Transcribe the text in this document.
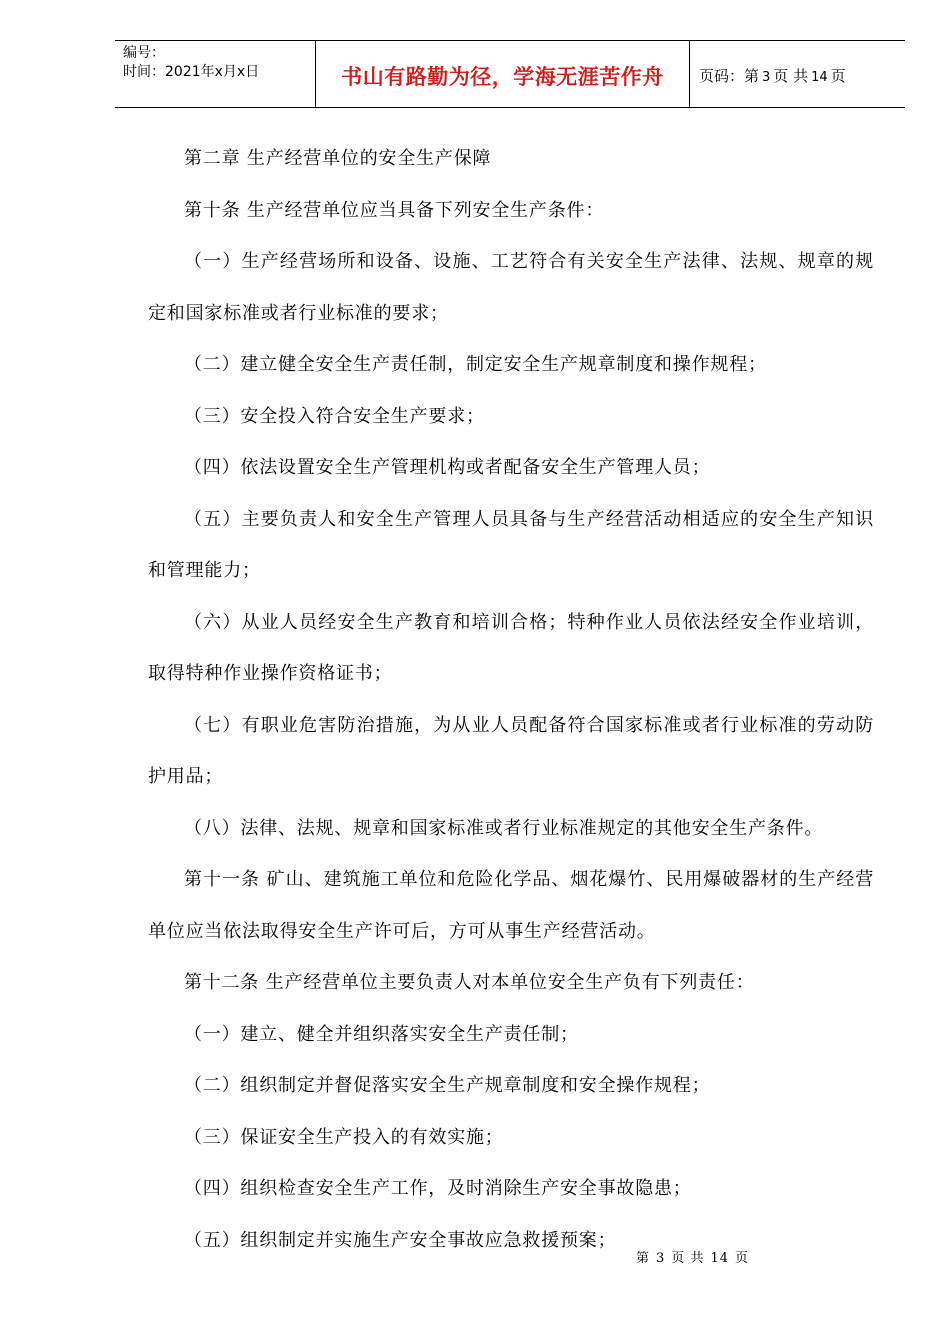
编号：
时间：2021年x月x日	书山有路勤为径，学海无涯苦作舟	页码：第 3 页 共 14 页

第二章 生产经营单位的安全生产保障

第十条 生产经营单位应当具备下列安全生产条件：

（一）生产经营场所和设备、设施、工艺符合有关安全生产法律、法规、规章的规定和国家标准或者行业标准的要求；

（二）建立健全安全生产责任制，制定安全生产规章制度和操作规程；

（三）安全投入符合安全生产要求；

（四）依法设置安全生产管理机构或者配备安全生产管理人员；

（五）主要负责人和安全生产管理人员具备与生产经营活动相适应的安全生产知识和管理能力；

（六）从业人员经安全生产教育和培训合格；特种作业人员依法经安全作业培训，取得特种作业操作资格证书；

（七）有职业危害防治措施，为从业人员配备符合国家标准或者行业标准的劳动防护用品；

（八）法律、法规、规章和国家标准或者行业标准规定的其他安全生产条件。

第十一条 矿山、建筑施工单位和危险化学品、烟花爆竹、民用爆破器材的生产经营单位应当依法取得安全生产许可后，方可从事生产经营活动。

第十二条 生产经营单位主要负责人对本单位安全生产负有下列责任：

（一）建立、健全并组织落实安全生产责任制；

（二）组织制定并督促落实安全生产规章制度和安全操作规程；

（三）保证安全生产投入的有效实施；

（四）组织检查安全生产工作，及时消除生产安全事故隐患；

（五）组织制定并实施生产安全事故应急救援预案；

第 3 页 共 14 页
